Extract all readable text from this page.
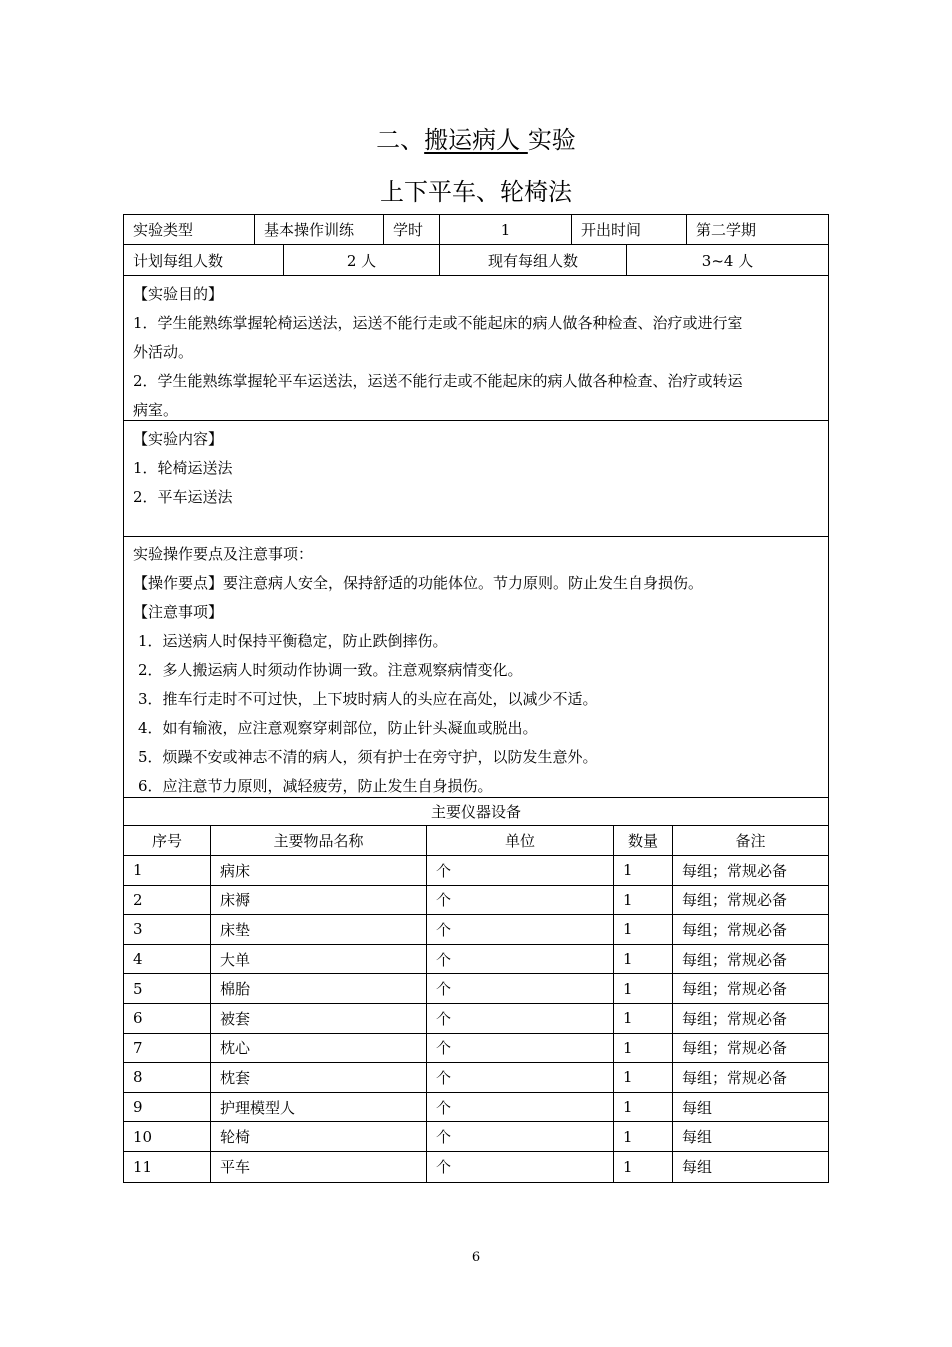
二、搬运病人 实验
上下平车、轮椅法
实验类型	基本操作训练	学时	1	开出时间	第二学期
计划每组人数	2 人	现有每组人数	3~4 人

【实验目的】

1．学生能熟练掌握轮椅运送法，运送不能行走或不能起床的病人做各种检查、治疗或进行室

外活动。

2．学生能熟练掌握轮平车运送法，运送不能行走或不能起床的病人做各种检查、治疗或转运

病室。

【实验内容】

1．轮椅运送法

2．平车运送法

实验操作要点及注意事项：

【操作要点】要注意病人安全，保持舒适的功能体位。节力原则。防止发生自身损伤。

【注意事项】

1．运送病人时保持平衡稳定，防止跌倒摔伤。

2．多人搬运病人时须动作协调一致。注意观察病情变化。

3．推车行走时不可过快，上下坡时病人的头应在高处，以减少不适。

4．如有输液，应注意观察穿刺部位，防止针头凝血或脱出。

5．烦躁不安或神志不清的病人，须有护士在旁守护，以防发生意外。

6．应注意节力原则，减轻疲劳，防止发生自身损伤。

主要仪器设备
序号	主要物品名称	单位	数量	备注
1	病床	个	1	每组；常规必备
2	床褥	个	1	每组；常规必备
3	床垫	个	1	每组；常规必备
4	大单	个	1	每组；常规必备
5	棉胎	个	1	每组；常规必备
6	被套	个	1	每组；常规必备
7	枕心	个	1	每组；常规必备
8	枕套	个	1	每组；常规必备
9	护理模型人	个	1	每组
10	轮椅	个	1	每组
11	平车	个	1	每组
6
